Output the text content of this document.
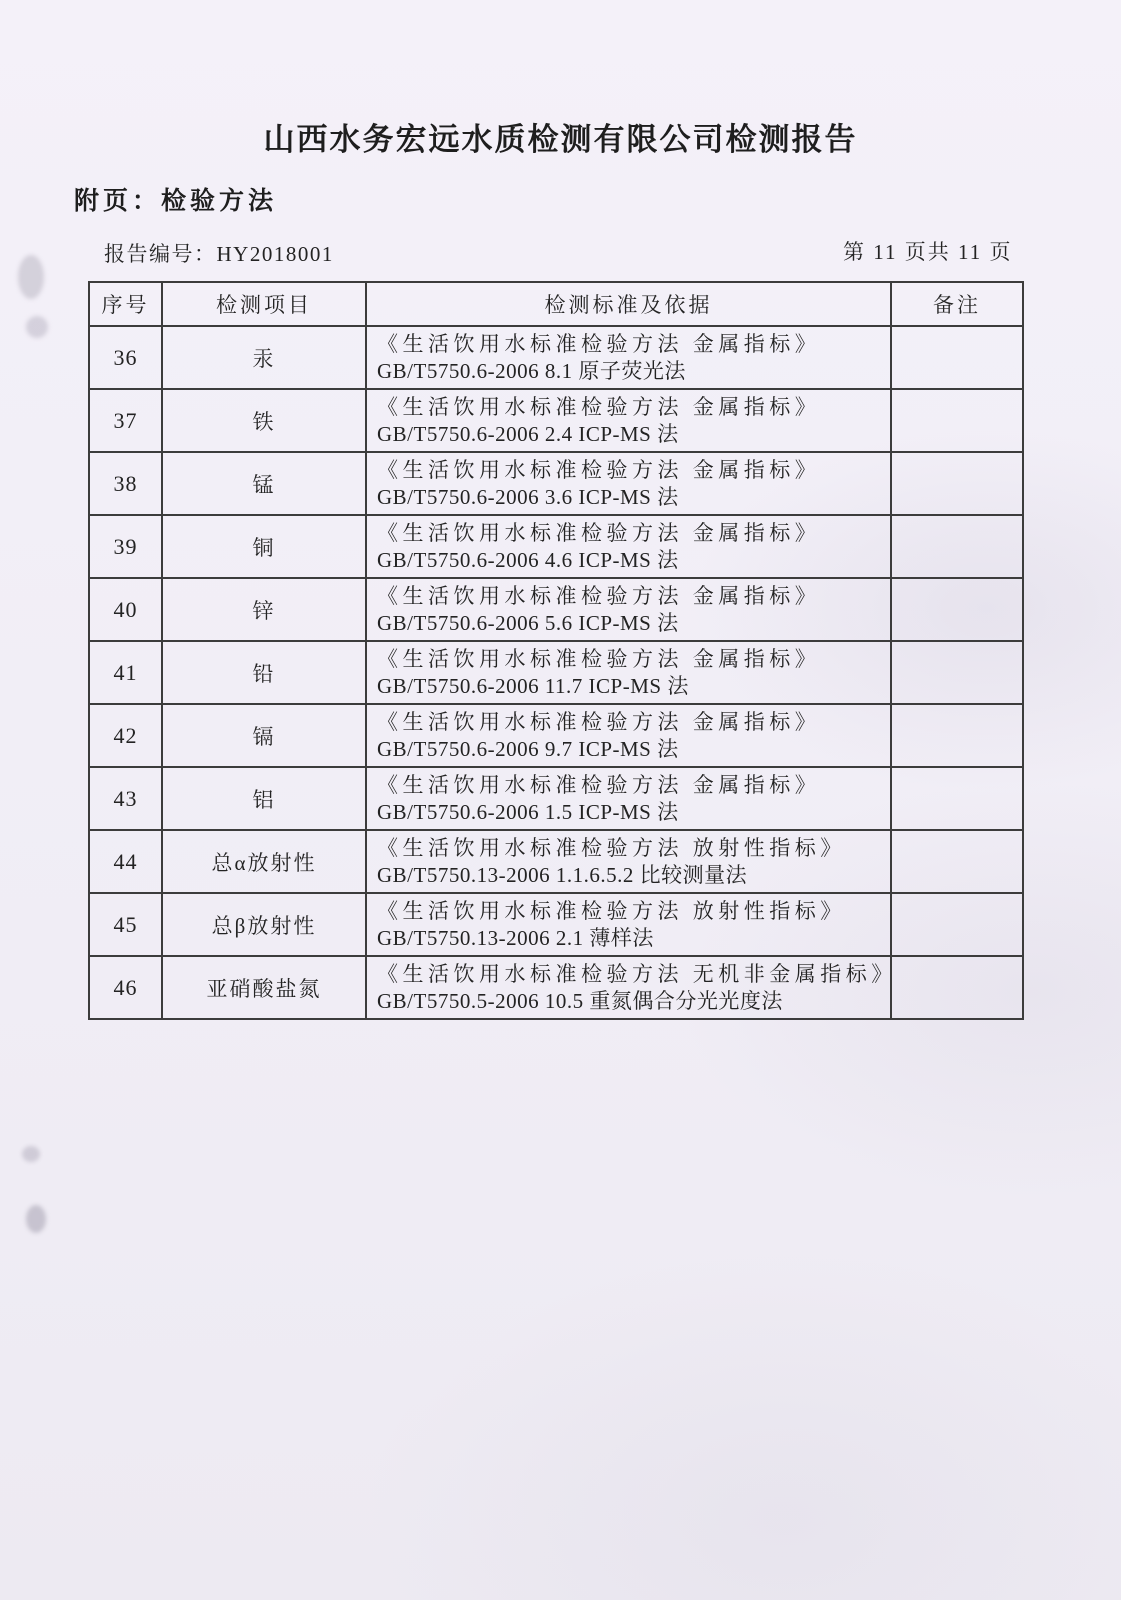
山西水务宏远水质检测有限公司检测报告
附页：检验方法
报告编号：HY2018001	第 11 页共 11 页
序号	检测项目	检测标准及依据	备注
36	汞	《生活饮用水标准检验方法 金属指标》
GB/T5750.6-2006 8.1 原子荧光法	

37	铁	《生活饮用水标准检验方法 金属指标》
GB/T5750.6-2006 2.4 ICP-MS 法	

38	锰	《生活饮用水标准检验方法 金属指标》
GB/T5750.6-2006 3.6 ICP-MS 法	

39	铜	《生活饮用水标准检验方法 金属指标》
GB/T5750.6-2006 4.6 ICP-MS 法	

40	锌	《生活饮用水标准检验方法 金属指标》
GB/T5750.6-2006 5.6 ICP-MS 法	

41	铅	《生活饮用水标准检验方法 金属指标》
GB/T5750.6-2006 11.7 ICP-MS 法	

42	镉	《生活饮用水标准检验方法 金属指标》
GB/T5750.6-2006 9.7 ICP-MS 法	

43	铝	《生活饮用水标准检验方法 金属指标》
GB/T5750.6-2006 1.5 ICP-MS 法	

44	总α放射性	《生活饮用水标准检验方法 放射性指标》
GB/T5750.13-2006 1.1.6.5.2 比较测量法	

45	总β放射性	《生活饮用水标准检验方法 放射性指标》
GB/T5750.13-2006 2.1 薄样法	

46	亚硝酸盐氮	《生活饮用水标准检验方法 无机非金属指标》
GB/T5750.5-2006 10.5 重氮偶合分光光度法	
